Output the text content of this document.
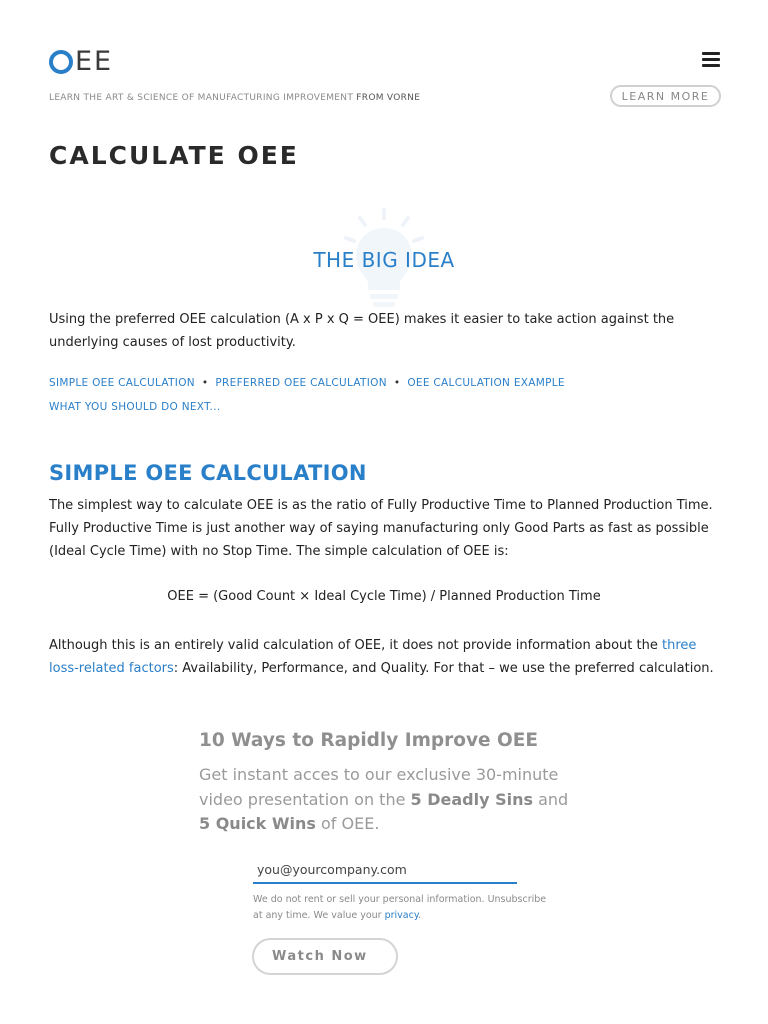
EE
LEARN THE ART & SCIENCE OF MANUFACTURING IMPROVEMENT FROM VORNE	LEARN MORE
CALCULATE OEE
THE BIG IDEA

Using the preferred OEE calculation (A x P x Q = OEE) makes it easier to take action against the underlying causes of lost productivity.

SIMPLE OEE CALCULATION • PREFERRED OEE CALCULATION • OEE CALCULATION EXAMPLE
WHAT YOU SHOULD DO NEXT...
SIMPLE OEE CALCULATION

The simplest way to calculate OEE is as the ratio of Fully Productive Time to Planned Production Time. Fully Productive Time is just another way of saying manufacturing only Good Parts as fast as possible (Ideal Cycle Time) with no Stop Time. The simple calculation of OEE is:

OEE = (Good Count × Ideal Cycle Time) / Planned Production Time

Although this is an entirely valid calculation of OEE, it does not provide information about the three loss-related factors: Availability, Performance, and Quality. For that – we use the preferred calculation.

10 Ways to Rapidly Improve OEE
Get instant acces to our exclusive 30-minute video presentation on the 5 Deadly Sins and 5 Quick Wins of OEE.
you@yourcompany.com
We do not rent or sell your personal information. Unsubscribe at any time. We value your privacy.
Watch Now
